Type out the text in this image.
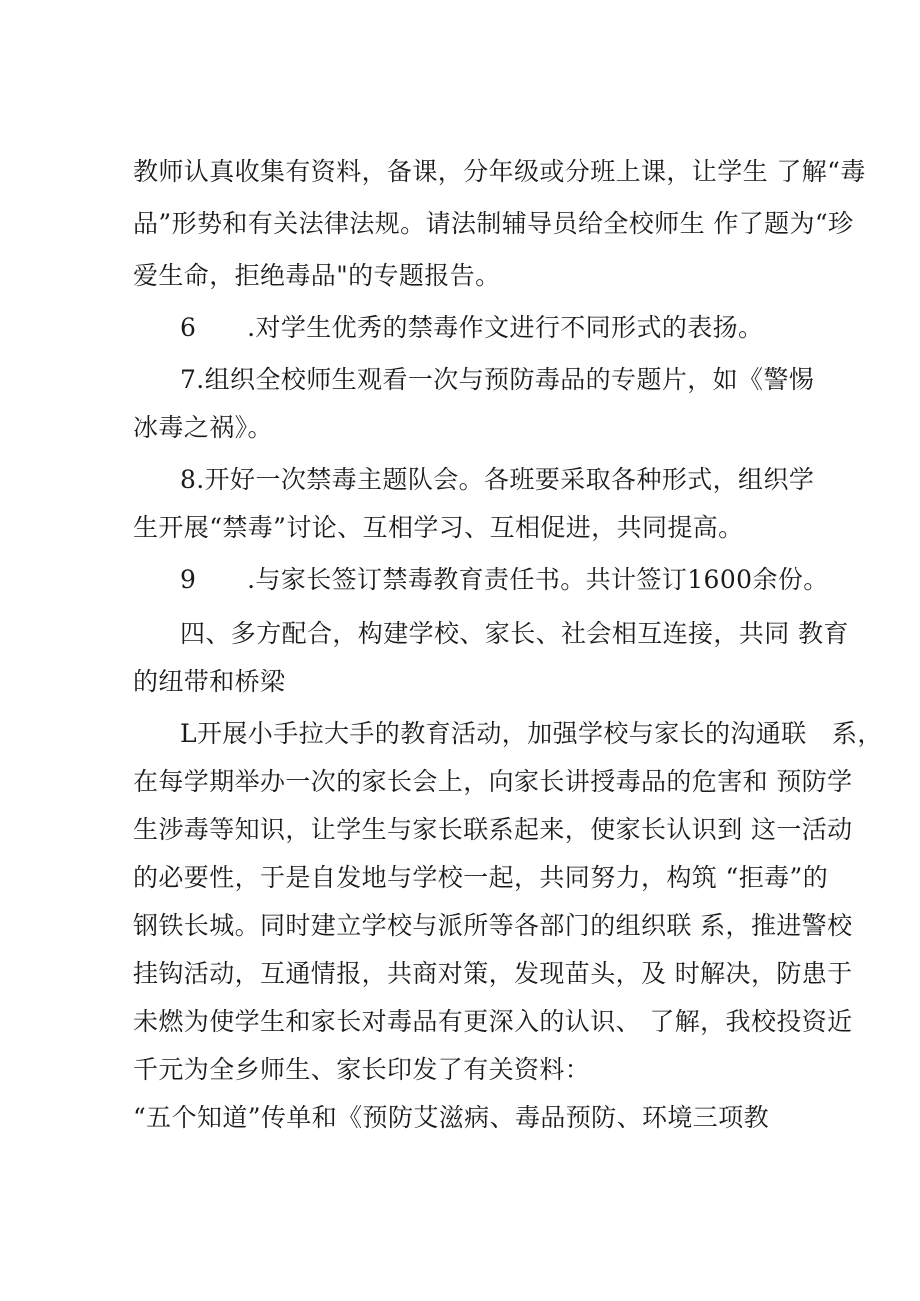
教师认真收集有资料，备课，分年级或分班上课，让学生 了解“毒
品”形势和有关法律法规。请法制辅导员给全校师生 作了题为“珍
爱生命，拒绝毒品"的专题报告。
6　　.对学生优秀的禁毒作文进行不同形式的表扬。
7.组织全校师生观看一次与预防毒品的专题片，如《警惕
冰毒之祸》。
8.开好一次禁毒主题队会。各班要采取各种形式，组织学
生开展“禁毒”讨论、互相学习、互相促进，共同提高。
9　　.与家长签订禁毒教育责任书。共计签订1600余份。
四、多方配合，构建学校、家长、社会相互连接，共同 教育
的纽带和桥梁
L开展小手拉大手的教育活动，加强学校与家长的沟通联　系，
在每学期举办一次的家长会上，向家长讲授毒品的危害和 预防学
生涉毒等知识，让学生与家长联系起来，使家长认识到 这一活动
的必要性，于是自发地与学校一起，共同努力，构筑 “拒毒”的
钢铁长城。同时建立学校与派所等各部门的组织联 系，推进警校
挂钩活动，互通情报，共商对策，发现苗头，及 时解决，防患于
未燃为使学生和家长对毒品有更深入的认识、 了解，我校投资近
千元为全乡师生、家长印发了有关资料：
“五个知道”传单和《预防艾滋病、毒品预防、环境三项教
